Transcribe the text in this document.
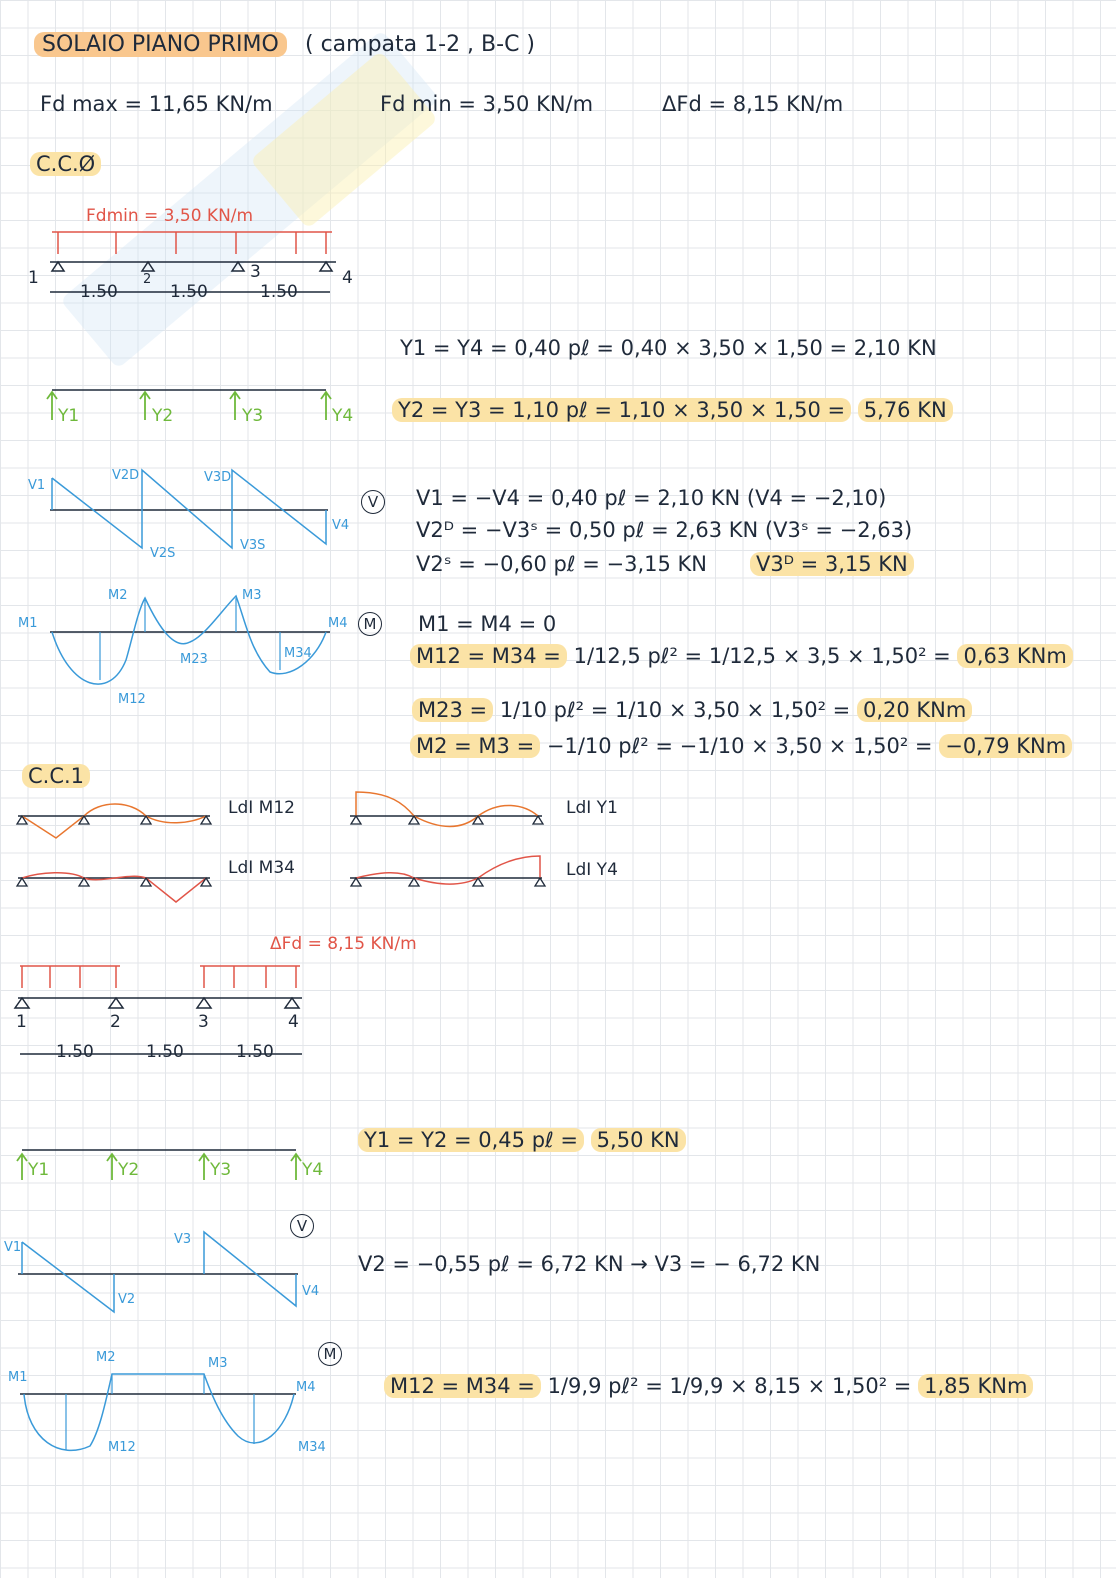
SOLAIO PIANO PRIMO	( campata 1-2 , B-C )
Fd max = 11,65 KN/m	Fd min = 3,50 KN/m	ΔFd = 8,15 KN/m
C.C.Ø
Fdmin = 3,50 KN/m
1	2	3	4
1.50	1.50	1.50
Y1	Y2	Y3	Y4
V1
V2D	V3D
V2S
V3S
V4
M1
M2	M3
M4
M12
M23	M34
Y1 = Y4 = 0,40 pℓ = 0,40 × 3,50 × 1,50 = 2,10 KN
Y2 = Y3 = 1,10 pℓ = 1,10 × 3,50 × 1,50 = 5,76 KN
V	V1 = −V4 = 0,40 pℓ = 2,10 KN (V4 = −2,10)
V2ᴰ = −V3ˢ = 0,50 pℓ = 2,63 KN (V3ˢ = −2,63)
V2ˢ = −0,60 pℓ = −3,15 KN V3ᴰ = 3,15 KN
M M1 = M4 = 0
M12 = M34 = 1/12,5 pℓ² = 1/12,5 × 3,5 × 1,50² = 0,63 KNm
M23 = 1/10 pℓ² = 1/10 × 3,50 × 1,50² = 0,20 KNm
M2 = M3 = −1/10 pℓ² = −1/10 × 3,50 × 1,50² = −0,79 KNm
C.C.1
LdI M12	LdI Y1
LdI M34	LdI Y4
ΔFd = 8,15 KN/m
1	2	3	4
1.50	1.50	1.50
Y1	Y2	Y3	Y4
V1
V2
V3
V4
M1
M2	M3
M4
M12	M34
Y1 = Y2 = 0,45 pℓ = 5,50 KN
V
V2 = −0,55 pℓ = 6,72 KN → V3 = − 6,72 KN
M
M12 = M34 = 1/9,9 pℓ² = 1/9,9 × 8,15 × 1,50² = 1,85 KNm
